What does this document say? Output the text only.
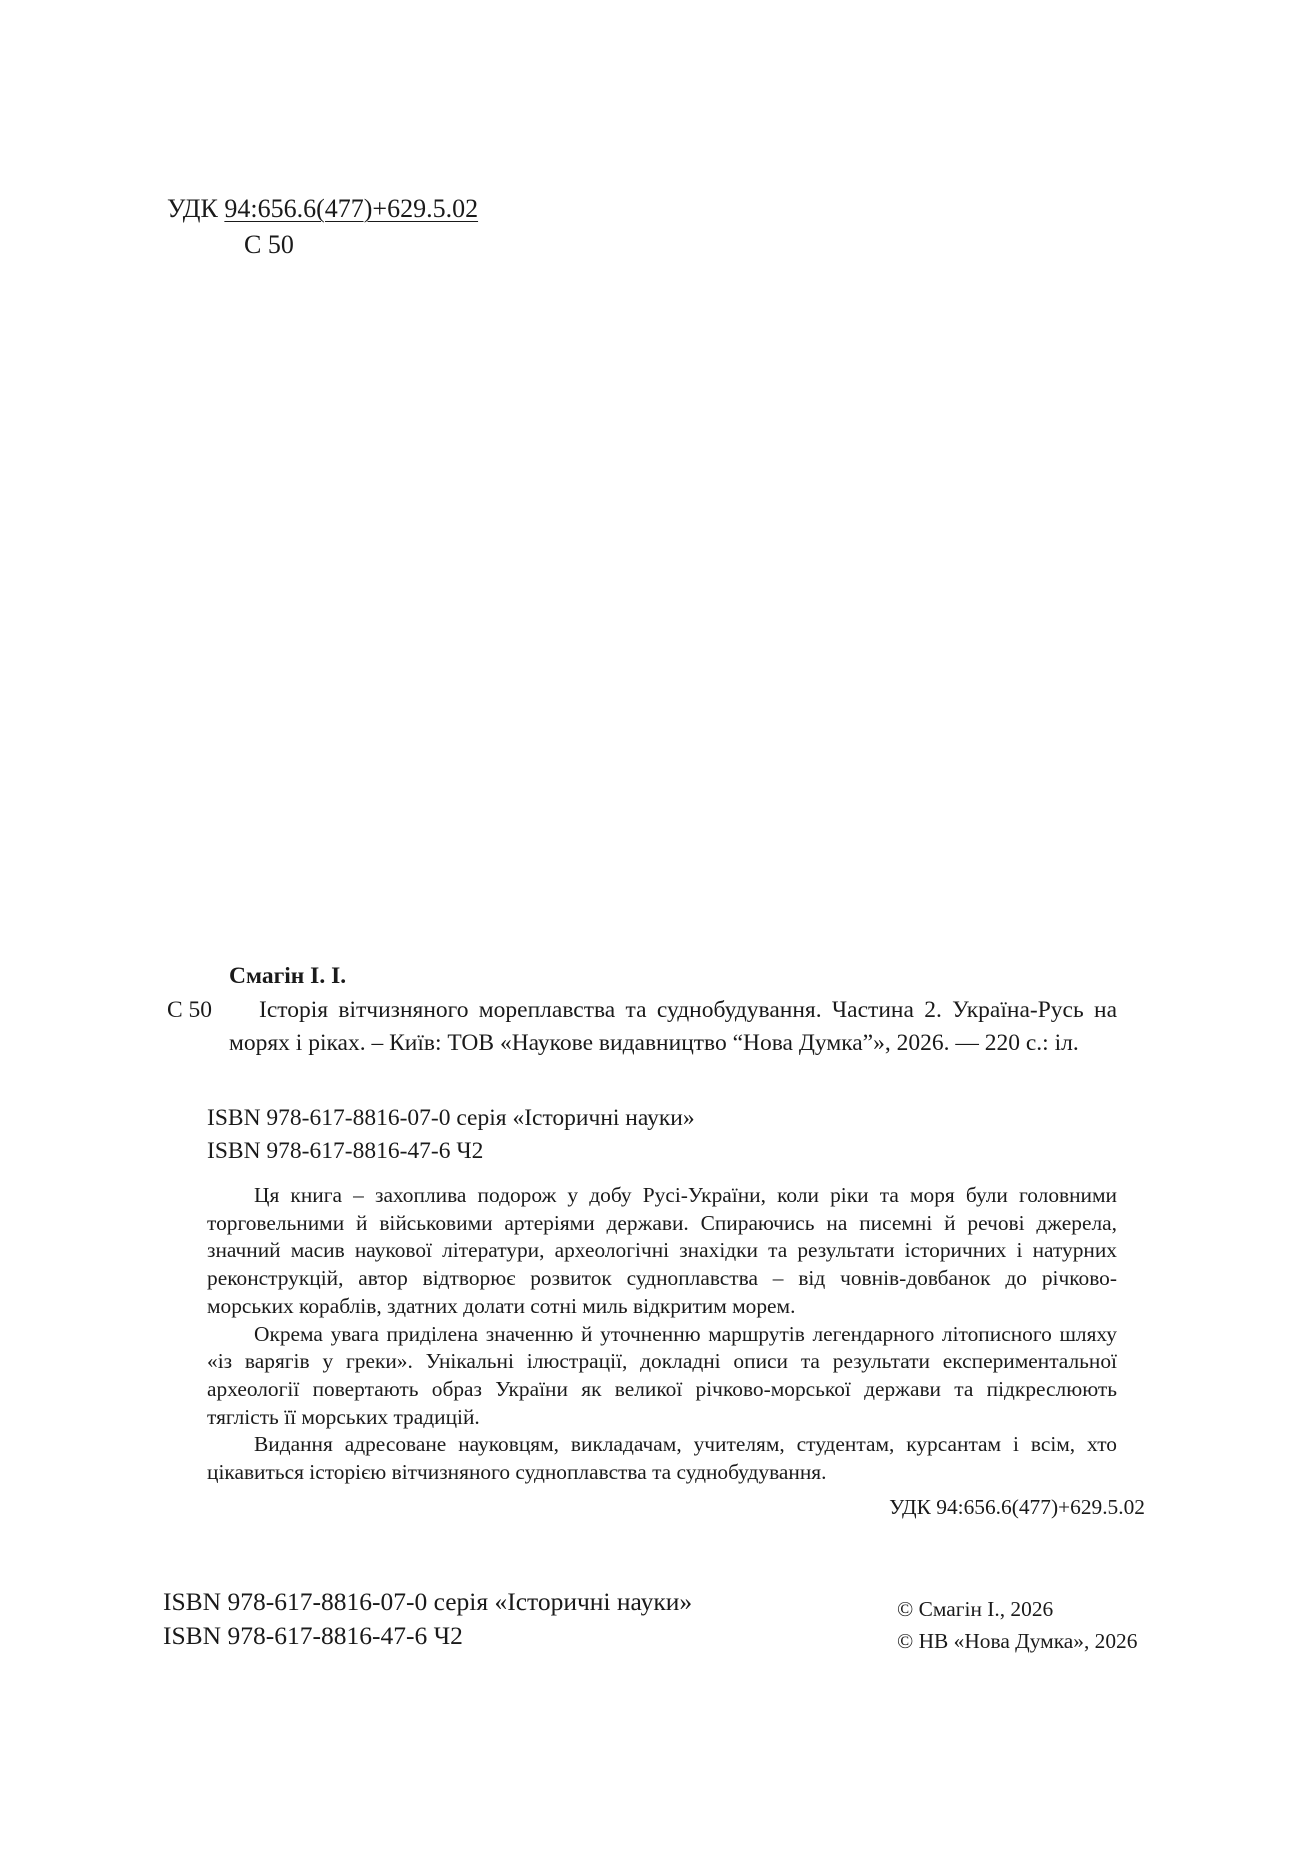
УДК 94:656.6(477)+629.5.02
С 50
Смагін І. І.
С 50	Історія вітчизняного мореплавства та суднобудування. Частина 2. Україна-Русь на морях і ріках. – Київ: ТОВ «Наукове видавництво “Нова Думка”», 2026. — 220 с.: іл.
ISBN 978-617-8816-07-0 серія «Історичні науки»
ISBN 978-617-8816-47-6 Ч2

Ця книга – захоплива подорож у добу Русі-України, коли ріки та моря були головними торговельними й військовими артеріями держави. Спираючись на писемні й речові джерела, значний масив наукової літератури, археологічні знахідки та результати історичних і натурних реконструкцій, автор відтворює розвиток судноплавства – від човнів-довбанок до річково-морських кораблів, здатних долати сотні миль відкритим морем.

Окрема увага приділена значенню й уточненню маршрутів легендарного літописного шляху «із варягів у греки». Унікальні ілюстрації, докладні описи та результати експериментальної археології повертають образ України як великої річково-морської держави та підкреслюють тяглість її морських традицій.

Видання адресоване науковцям, викладачам, учителям, студентам, курсантам і всім, хто цікавиться історією вітчизняного судноплавства та суднобудування.

УДК 94:656.6(477)+629.5.02
ISBN 978-617-8816-07-0 серія «Історичні науки»
ISBN 978-617-8816-47-6 Ч2
© Смагін І., 2026
© НВ «Нова Думка», 2026
